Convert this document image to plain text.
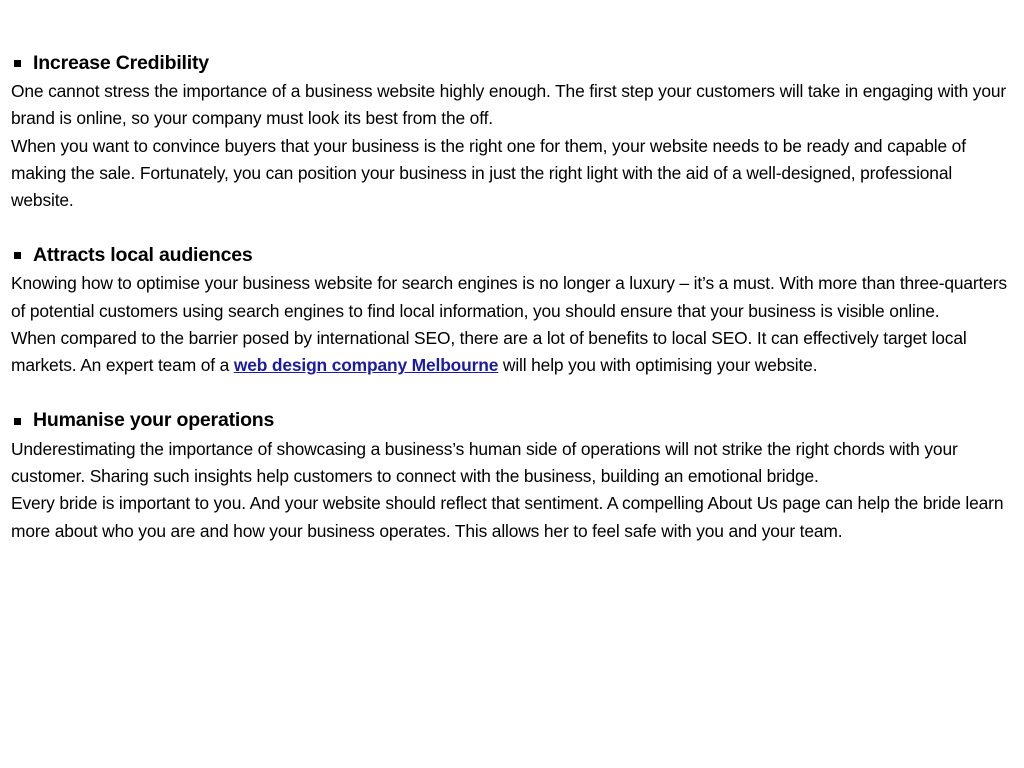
Increase Credibility

One cannot stress the importance of a business website highly enough. The first step your customers will take in engaging with your brand is online, so your company must look its best from the off.

When you want to convince buyers that your business is the right one for them, your website needs to be ready and capable of making the sale. Fortunately, you can position your business in just the right light with the aid of a well-designed, professional website.

Attracts local audiences

Knowing how to optimise your business website for search engines is no longer a luxury – it’s a must. With more than three-quarters of potential customers using search engines to find local information, you should ensure that your business is visible online.

When compared to the barrier posed by international SEO, there are a lot of benefits to local SEO. It can effectively target local markets. An expert team of a web design company Melbourne will help you with optimising your website.

Humanise your operations

Underestimating the importance of showcasing a business’s human side of operations will not strike the right chords with your customer. Sharing such insights help customers to connect with the business, building an emotional bridge.

Every bride is important to you. And your website should reflect that sentiment. A compelling About Us page can help the bride learn more about who you are and how your business operates. This allows her to feel safe with you and your team.
